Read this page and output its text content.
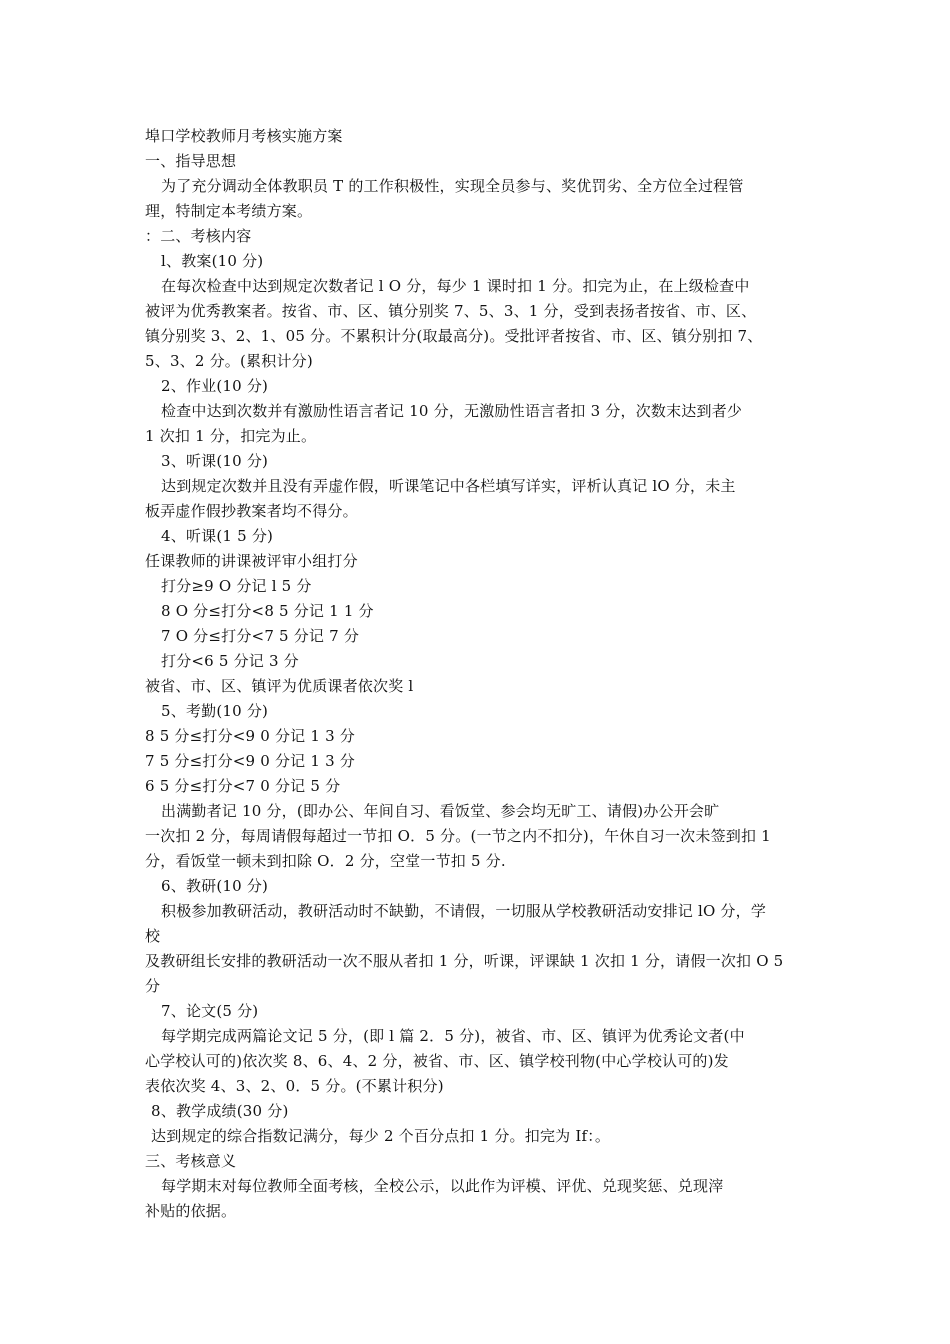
埠口学校教师月考核实施方案
一、指导思想
为了充分调动全体教职员 T 的工作积极性，实现全员参与、奖优罚劣、全方位全过程管
理，特制定本考绩方案。
：二、考核内容
l、教案(10 分)
在每次检查中达到规定次数者记 l O 分，每少 1 课时扣 1 分。扣完为止，在上级检查中
被评为优秀教案者。按省、市、区、镇分别奖 7、5、3、1 分，受到表扬者按省、市、区、
镇分别奖 3、2、1、05 分。不累积计分(取最高分)。受批评者按省、市、区、镇分别扣 7、
5、3、2 分。(累积计分)
2、作业(10 分)
检查中达到次数并有激励性语言者记 10 分，无激励性语言者扣 3 分，次数末达到者少
1 次扣 1 分，扣完为止。
3、听课(10 分)
达到规定次数并且没有弄虚作假，听课笔记中各栏填写详实，评析认真记 lO 分，未主
板弄虚作假抄教案者均不得分。
4、听课(1 5 分)
任课教师的讲课被评审小组打分
打分≥9 O 分记 l 5 分
8 O 分≤打分<8 5 分记 1 1 分
7 O 分≤打分<7 5 分记 7 分
打分<6 5 分记 3 分
被省、市、区、镇评为优质课者依次奖 l
5、考勤(10 分)
8 5 分≤打分<9 0 分记 1 3 分
7 5 分≤打分<9 0 分记 1 3 分
6 5 分≤打分<7 0 分记 5 分
出满勤者记 10 分，(即办公、年间自习、看饭堂、参会均无旷工、请假)办公开会旷
一次扣 2 分，每周请假每超过一节扣 O．5 分。(一节之内不扣分)，午休自习一次未签到扣 1
分，看饭堂一顿未到扣除 O．2 分，空堂一节扣 5 分.
6、教研(10 分)
积极参加教研活动，教研活动时不缺勤，不请假，一切服从学校教研活动安排记 lO 分，学
校
及教研组长安排的教研活动一次不服从者扣 1 分，听课，评课缺 1 次扣 1 分，请假一次扣 O 5
分
7、论文(5 分)
每学期完成两篇论文记 5 分，(即 l 篇 2．5 分)，被省、市、区、镇评为优秀论文者(中
心学校认可的)依次奖 8、6、4、2 分，被省、市、区、镇学校刊物(中心学校认可的)发
表依次奖 4、3、2、0．5 分。(不累计积分)
8、教学成绩(30 分)
达到规定的综合指数记满分，每少 2 个百分点扣 1 分。扣完为 If：。
三、考核意义
每学期末对每位教师全面考核，全校公示，以此作为评模、评优、兑现奖惩、兑现滓
补贴的依据。
